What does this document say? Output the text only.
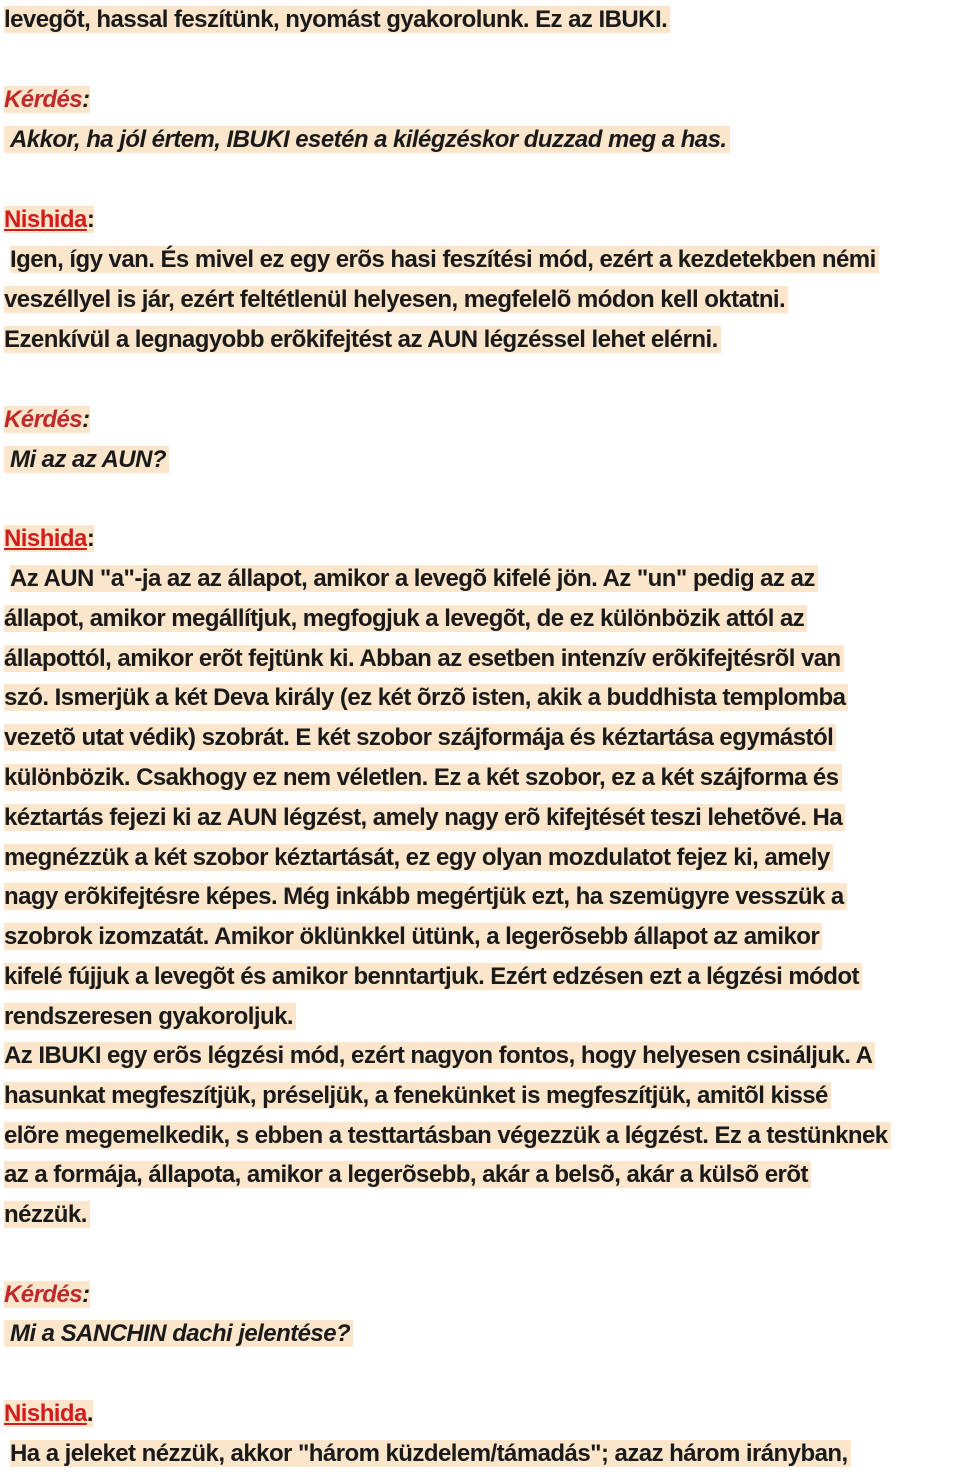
levegõt, hassal feszítünk, nyomást gyakorolunk. Ez az IBUKI.
Kérdés:
Akkor, ha jól értem, IBUKI esetén a kilégzéskor duzzad meg a has.
Nishida:
Igen, így van. És mivel ez egy erõs hasi feszítési mód, ezért a kezdetekben némi
veszéllyel is jár, ezért feltétlenül helyesen, megfelelõ módon kell oktatni.
Ezenkívül a legnagyobb erõkifejtést az AUN légzéssel lehet elérni.
Kérdés:
Mi az az AUN?
Nishida:
Az AUN "a"-ja az az állapot, amikor a levegõ kifelé jön. Az "un" pedig az az
állapot, amikor megállítjuk, megfogjuk a levegõt, de ez különbözik attól az
állapottól, amikor erõt fejtünk ki. Abban az esetben intenzív erõkifejtésrõl van
szó. Ismerjük a két Deva király (ez két õrzõ isten, akik a buddhista templomba
vezetõ utat védik) szobrát. E két szobor szájformája és kéztartása egymástól
különbözik. Csakhogy ez nem véletlen. Ez a két szobor, ez a két szájforma és
kéztartás fejezi ki az AUN légzést, amely nagy erõ kifejtését teszi lehetõvé. Ha
megnézzük a két szobor kéztartását, ez egy olyan mozdulatot fejez ki, amely
nagy erõkifejtésre képes. Még inkább megértjük ezt, ha szemügyre vesszük a
szobrok izomzatát. Amikor öklünkkel ütünk, a legerõsebb állapot az amikor
kifelé fújjuk a levegõt és amikor benntartjuk. Ezért edzésen ezt a légzési módot
rendszeresen gyakoroljuk.
Az IBUKI egy erõs légzési mód, ezért nagyon fontos, hogy helyesen csináljuk. A
hasunkat megfeszítjük, préseljük, a fenekünket is megfeszítjük, amitõl kissé
elõre megemelkedik, s ebben a testtartásban végezzük a légzést. Ez a testünknek
az a formája, állapota, amikor a legerõsebb, akár a belsõ, akár a külsõ erõt
nézzük.
Kérdés:
Mi a SANCHIN dachi jelentése?
Nishida.
Ha a jeleket nézzük, akkor "három küzdelem/támadás"; azaz három irányban,
